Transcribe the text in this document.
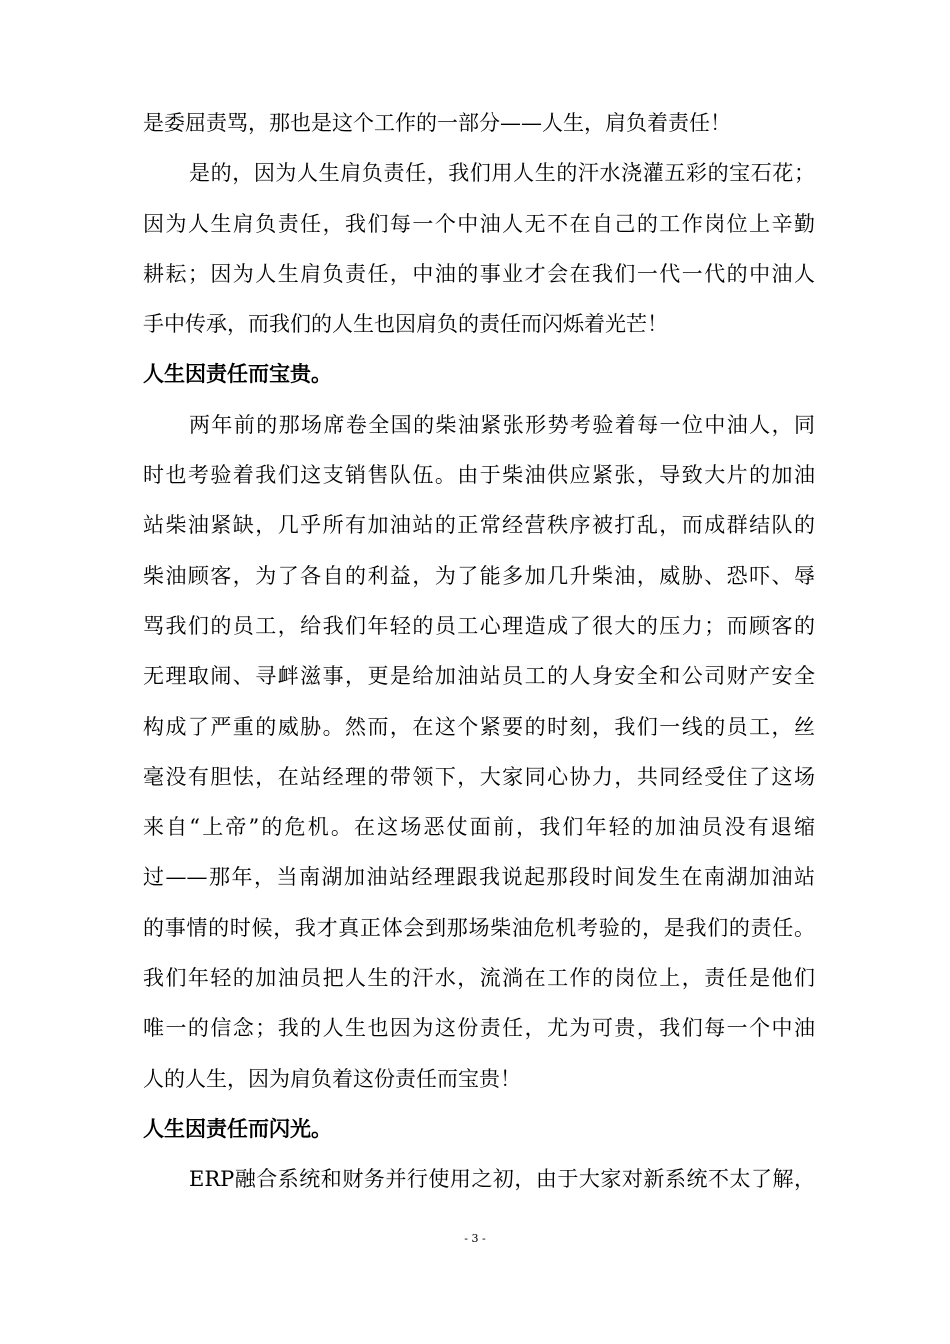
是委屈责骂，那也是这个工作的一部分——人生，肩负着责任！
是的，因为人生肩负责任，我们用人生的汗水浇灌五彩的宝石花；
因为人生肩负责任，我们每一个中油人无不在自己的工作岗位上辛勤
耕耘；因为人生肩负责任，中油的事业才会在我们一代一代的中油人
手中传承，而我们的人生也因肩负的责任而闪烁着光芒！
人生因责任而宝贵。
两年前的那场席卷全国的柴油紧张形势考验着每一位中油人，同
时也考验着我们这支销售队伍。由于柴油供应紧张，导致大片的加油
站柴油紧缺，几乎所有加油站的正常经营秩序被打乱，而成群结队的
柴油顾客，为了各自的利益，为了能多加几升柴油，威胁、恐吓、辱
骂我们的员工，给我们年轻的员工心理造成了很大的压力；而顾客的
无理取闹、寻衅滋事，更是给加油站员工的人身安全和公司财产安全
构成了严重的威胁。然而，在这个紧要的时刻，我们一线的员工，丝
毫没有胆怯，在站经理的带领下，大家同心协力，共同经受住了这场
来自“上帝”的危机。在这场恶仗面前，我们年轻的加油员没有退缩
过——那年，当南湖加油站经理跟我说起那段时间发生在南湖加油站
的事情的时候，我才真正体会到那场柴油危机考验的，是我们的责任。
我们年轻的加油员把人生的汗水，流淌在工作的岗位上，责任是他们
唯一的信念；我的人生也因为这份责任，尤为可贵，我们每一个中油
人的人生，因为肩负着这份责任而宝贵！
人生因责任而闪光。
ERP融合系统和财务并行使用之初，由于大家对新系统不太了解，
- 3 -
